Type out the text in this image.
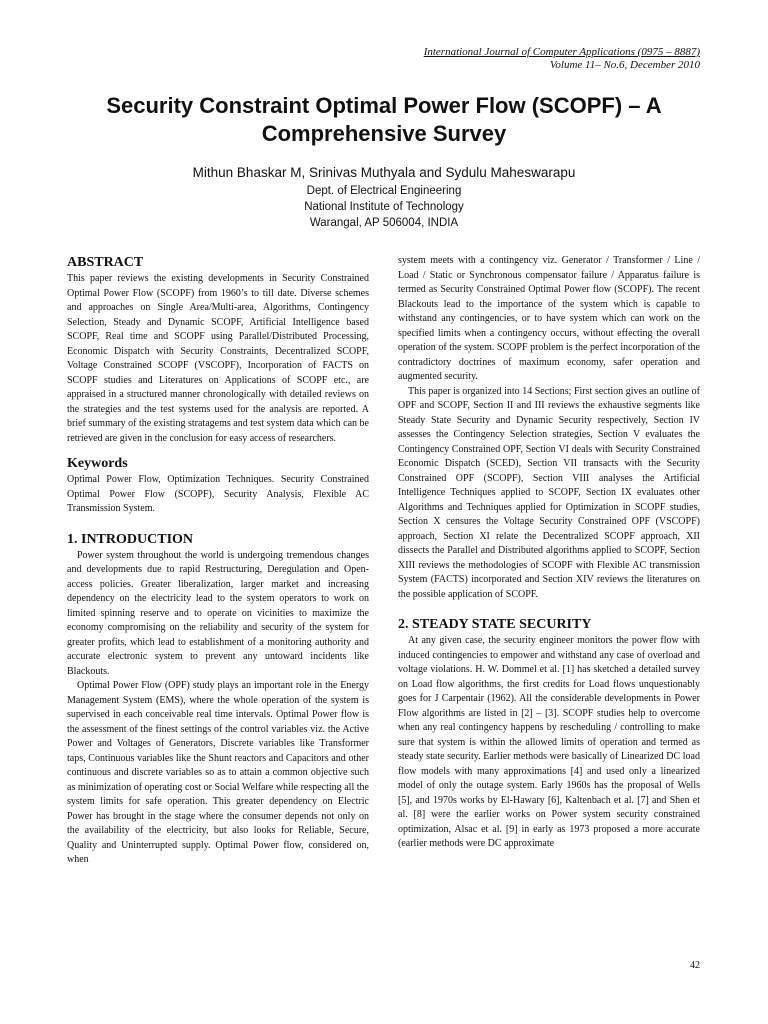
International Journal of Computer Applications (0975 – 8887)
Volume 11– No.6, December 2010
Security Constraint Optimal Power Flow (SCOPF) – A Comprehensive Survey
Mithun Bhaskar M, Srinivas Muthyala and Sydulu Maheswarapu
Dept. of Electrical Engineering
National Institute of Technology
Warangal, AP 506004, INDIA
ABSTRACT

This paper reviews the existing developments in Security Constrained Optimal Power Flow (SCOPF) from 1960’s to till date. Diverse schemes and approaches on Single Area/Multi-area, Algorithms, Contingency Selection, Steady and Dynamic SCOPF, Artificial Intelligence based SCOPF, Real time and SCOPF using Parallel/Distributed Processing, Economic Dispatch with Security Constraints, Decentralized SCOPF, Voltage Constrained SCOPF (VSCOPF), Incorporation of FACTS on SCOPF studies and Literatures on Applications of SCOPF etc., are appraised in a structured manner chronologically with detailed reviews on the strategies and the test systems used for the analysis are reported. A brief summary of the existing stratagems and test system data which can be retrieved are given in the conclusion for easy access of researchers.

Keywords

Optimal Power Flow, Optimization Techniques. Security Constrained Optimal Power Flow (SCOPF), Security Analysis, Flexible AC Transmission System.

1. INTRODUCTION

Power system throughout the world is undergoing tremendous changes and developments due to rapid Restructuring, Deregulation and Open-access policies. Greater liberalization, larger market and increasing dependency on the electricity lead to the system operators to work on limited spinning reserve and to operate on vicinities to maximize the economy compromising on the reliability and security of the system for greater profits, which lead to establishment of a monitoring authority and accurate electronic system to prevent any untoward incidents like Blackouts.

Optimal Power Flow (OPF) study plays an important role in the Energy Management System (EMS), where the whole operation of the system is supervised in each conceivable real time intervals. Optimal Power flow is the assessment of the finest settings of the control variables viz. the Active Power and Voltages of Generators, Discrete variables like Transformer taps, Continuous variables like the Shunt reactors and Capacitors and other continuous and discrete variables so as to attain a common objective such as minimization of operating cost or Social Welfare while respecting all the system limits for safe operation. This greater dependency on Electric Power has brought in the stage where the consumer depends not only on the availability of the electricity, but also looks for Reliable, Secure, Quality and Uninterrupted supply. Optimal Power flow, considered on, when

system meets with a contingency viz. Generator / Transformer / Line / Load / Static or Synchronous compensator failure / Apparatus failure is termed as Security Constrained Optimal Power flow (SCOPF). The recent Blackouts lead to the importance of the system which is capable to withstand any contingencies, or to have system which can work on the specified limits when a contingency occurs, without effecting the overall operation of the system. SCOPF problem is the perfect incorporation of the contradictory doctrines of maximum economy, safer operation and augmented security.

This paper is organized into 14 Sections; First section gives an outline of OPF and SCOPF, Section II and III reviews the exhaustive segments like Steady State Security and Dynamic Security respectively, Section IV assesses the Contingency Selection strategies, Section V evaluates the Contingency Constrained OPF, Section VI deals with Security Constrained Economic Dispatch (SCED), Section VII transacts with the Security Constrained OPF (SCOPF), Section VIII analyses the Artificial Intelligence Techniques applied to SCOPF, Section IX evaluates other Algorithms and Techniques applied for Optimization in SCOPF studies, Section X censures the Voltage Security Constrained OPF (VSCOPF) approach, Section XI relate the Decentralized SCOPF approach, XII dissects the Parallel and Distributed algorithms applied to SCOPF, Section XIII reviews the methodologies of SCOPF with Flexible AC transmission System (FACTS) incorporated and Section XIV reviews the literatures on the possible application of SCOPF.

2. STEADY STATE SECURITY

At any given case, the security engineer monitors the power flow with induced contingencies to empower and withstand any case of overload and voltage violations. H. W. Dommel et al. [1] has sketched a detailed survey on Load flow algorithms, the first credits for Load flows unquestionably goes for J Carpentair (1962). All the considerable developments in Power Flow algorithms are listed in [2] – [3]. SCOPF studies help to overcome when any real contingency happens by rescheduling / controlling to make sure that system is within the allowed limits of operation and termed as steady state security. Earlier methods were basically of Linearized DC load flow models with many approximations [4] and used only a linearized model of only the outage system. Early 1960s has the proposal of Wells [5], and 1970s works by El-Hawary [6], Kaltenbach et al. [7] and Shen et al. [8] were the earlier works on Power system security constrained optimization, Alsac et al. [9] in early as 1973 proposed a more accurate (earlier methods were DC approximate

42
